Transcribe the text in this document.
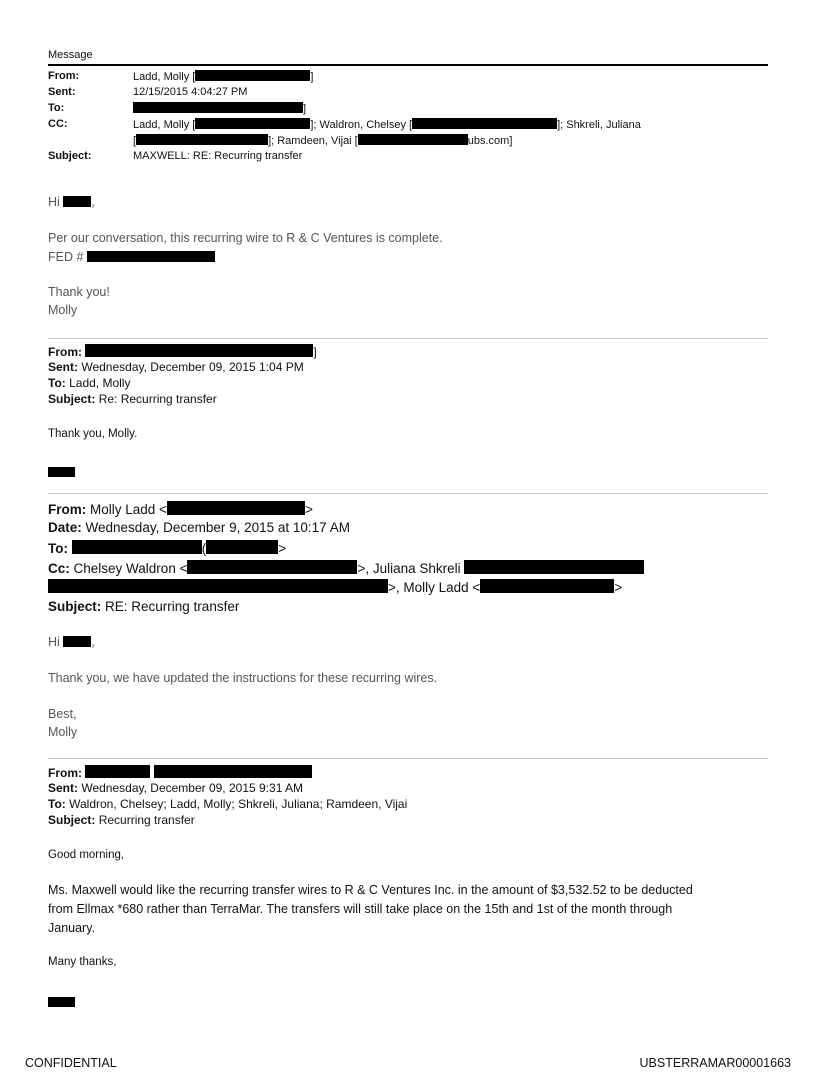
Message
From:	Ladd, Molly [	]
Sent:	12/15/2015 4:04:27 PM
To:	]
CC:	Ladd, Molly [	]; Waldron, Chelsey [	]; Shkreli, Juliana
[	]; Ramdeen, Vijai [	ubs.com]
Subject:	MAXWELL: RE: Recurring transfer
Hi	,
Per our conversation, this recurring wire to R & C Ventures is complete.
FED #
Thank you!
Molly
From:	]
Sent: Wednesday, December 09, 2015 1:04 PM
To: Ladd, Molly
Subject: Re: Recurring transfer
Thank you, Molly.
From: Molly Ladd <	>
Date: Wednesday, December 9, 2015 at 10:17 AM
To:	(	>
Cc: Chelsey Waldron <	>, Juliana Shkreli
>, Molly Ladd <	>
Subject: RE: Recurring transfer
Hi	,
Thank you, we have updated the instructions for these recurring wires.
Best,
Molly
From:
Sent: Wednesday, December 09, 2015 9:31 AM
To: Waldron, Chelsey; Ladd, Molly; Shkreli, Juliana; Ramdeen, Vijai
Subject: Recurring transfer
Good morning,
Ms. Maxwell would like the recurring transfer wires to R & C Ventures Inc. in the amount of $3,532.52 to be deducted
from Ellmax *680 rather than TerraMar. The transfers will still take place on the 15th and 1st of the month through
January.
Many thanks,
CONFIDENTIAL	UBSTERRAMAR00001663
